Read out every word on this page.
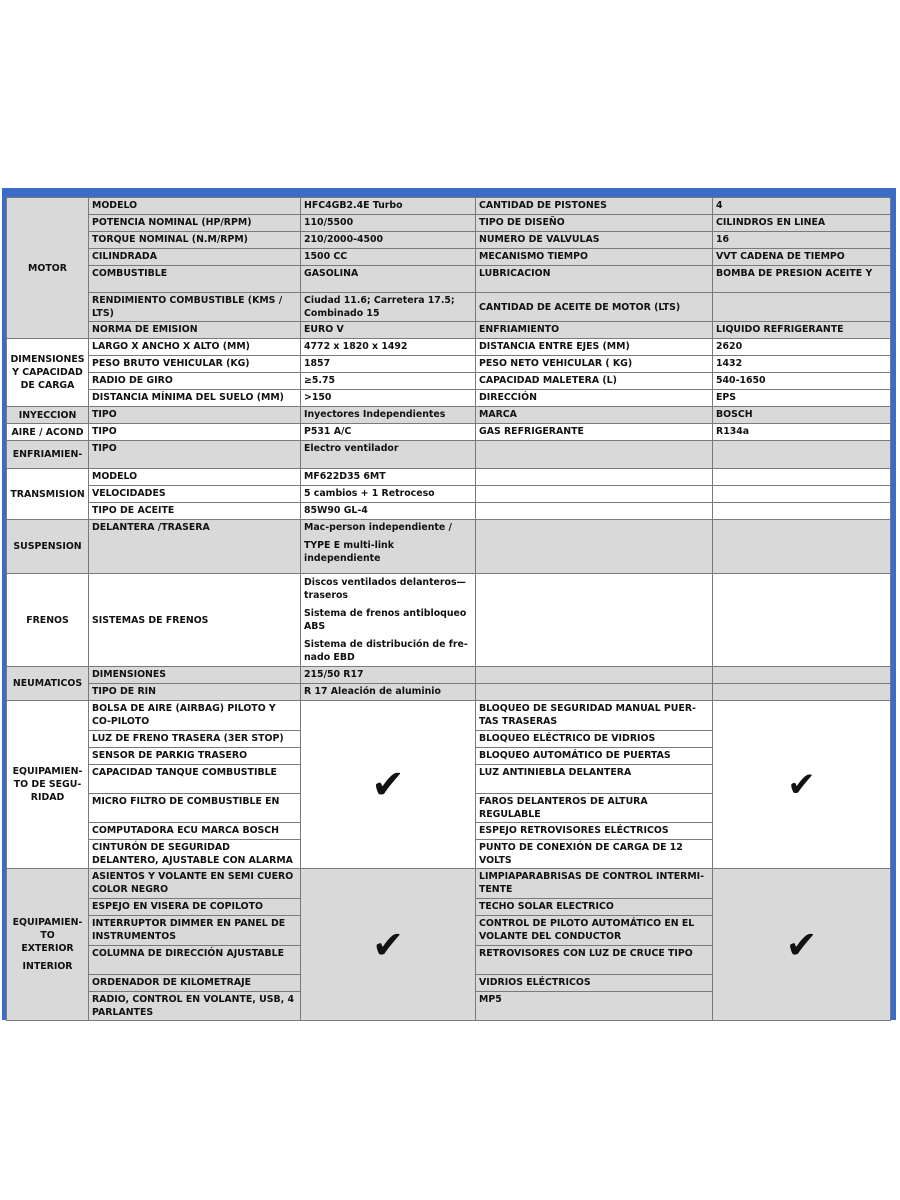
MOTOR	MODELO	HFC4GB2.4E Turbo	CANTIDAD DE PISTONES	4
	POTENCIA NOMINAL (HP/RPM)	110/5500	TIPO DE DISEÑO	CILINDROS EN LINEA
	TORQUE NOMINAL (N.M/RPM)	210/2000-4500	NUMERO DE VALVULAS	16
	CILINDRADA	1500 CC	MECANISMO TIEMPO	VVT CADENA DE TIEMPO
	COMBUSTIBLE	GASOLINA	LUBRICACION	BOMBA DE PRESION ACEITE Y
	RENDIMIENTO COMBUSTIBLE (KMS / LTS)	Ciudad 11.6; Carretera 17.5; Combinado 15	CANTIDAD DE ACEITE DE MOTOR (LTS)	
	NORMA DE EMISION	EURO V	ENFRIAMIENTO	LIQUIDO REFRIGERANTE
DIMENSIONES Y CAPACIDAD DE CARGA	LARGO X ANCHO X ALTO (MM)	4772 x 1820 x 1492	DISTANCIA ENTRE EJES (MM)	2620
	PESO BRUTO VEHICULAR (KG)	1857	PESO NETO VEHICULAR ( KG)	1432
	RADIO DE GIRO	≥5.75	CAPACIDAD MALETERA (L)	540-1650
	DISTANCIA MÍNIMA DEL SUELO (MM)	>150	DIRECCIÓN	EPS
INYECCION	TIPO	Inyectores Independientes	MARCA	BOSCH
AIRE / ACOND	TIPO	P531 A/C	GAS REFRIGERANTE	R134a
ENFRIAMIEN-	TIPO	Electro ventilador		
TRANSMISION	MODELO	MF622D35 6MT		
	VELOCIDADES	5 cambios + 1 Retroceso		
	TIPO DE ACEITE	85W90 GL-4		
SUSPENSION	DELANTERA /TRASERA	Mac-person independiente /
TYPE E multi-link independiente		

FRENOS	SISTEMAS DE FRENOS	Discos ventilados delanteros—traseros
Sistema de frenos antibloqueo ABS
Sistema de distribución de fre-nado EBD		

NEUMATICOS	DIMENSIONES	215/50 R17		
	TIPO DE RIN	R 17 Aleación de aluminio		
EQUIPAMIEN-TO DE SEGU-RIDAD	BOLSA DE AIRE (AIRBAG) PILOTO Y CO-PILOTO	✔	BLOQUEO DE SEGURIDAD MANUAL PUER-TAS TRASERAS	✔
	LUZ DE FRENO TRASERA (3ER STOP)		BLOQUEO ELÉCTRICO DE VIDRIOS	
	SENSOR DE PARKIG TRASERO		BLOQUEO AUTOMÁTICO DE PUERTAS	
	CAPACIDAD TANQUE COMBUSTIBLE		LUZ ANTINIEBLA DELANTERA	
	MICRO FILTRO DE COMBUSTIBLE EN		FAROS DELANTEROS DE ALTURA REGULABLE	
	COMPUTADORA ECU MARCA BOSCH		ESPEJO RETROVISORES ELÉCTRICOS	
	CINTURÓN DE SEGURIDAD DELANTERO, AJUSTABLE CON ALARMA		PUNTO DE CONEXIÓN DE CARGA DE 12 VOLTS	

EQUIPAMIEN-
TO
EXTERIOR
INTERIOR	ASIENTOS Y VOLANTE EN SEMI CUERO COLOR NEGRO	✔	LIMPIAPARABRISAS DE CONTROL INTERMI-TENTE	✔
	ESPEJO EN VISERA DE COPILOTO		TECHO SOLAR ELECTRICO	
	INTERRUPTOR DIMMER EN PANEL DE INSTRUMENTOS		CONTROL DE PILOTO AUTOMÁTICO EN EL VOLANTE DEL CONDUCTOR	
	COLUMNA DE DIRECCIÓN AJUSTABLE		RETROVISORES CON LUZ DE CRUCE TIPO	
	ORDENADOR DE KILOMETRAJE		VIDRIOS ELÉCTRICOS	
	RADIO, CONTROL EN VOLANTE, USB, 4 PARLANTES		MP5	
